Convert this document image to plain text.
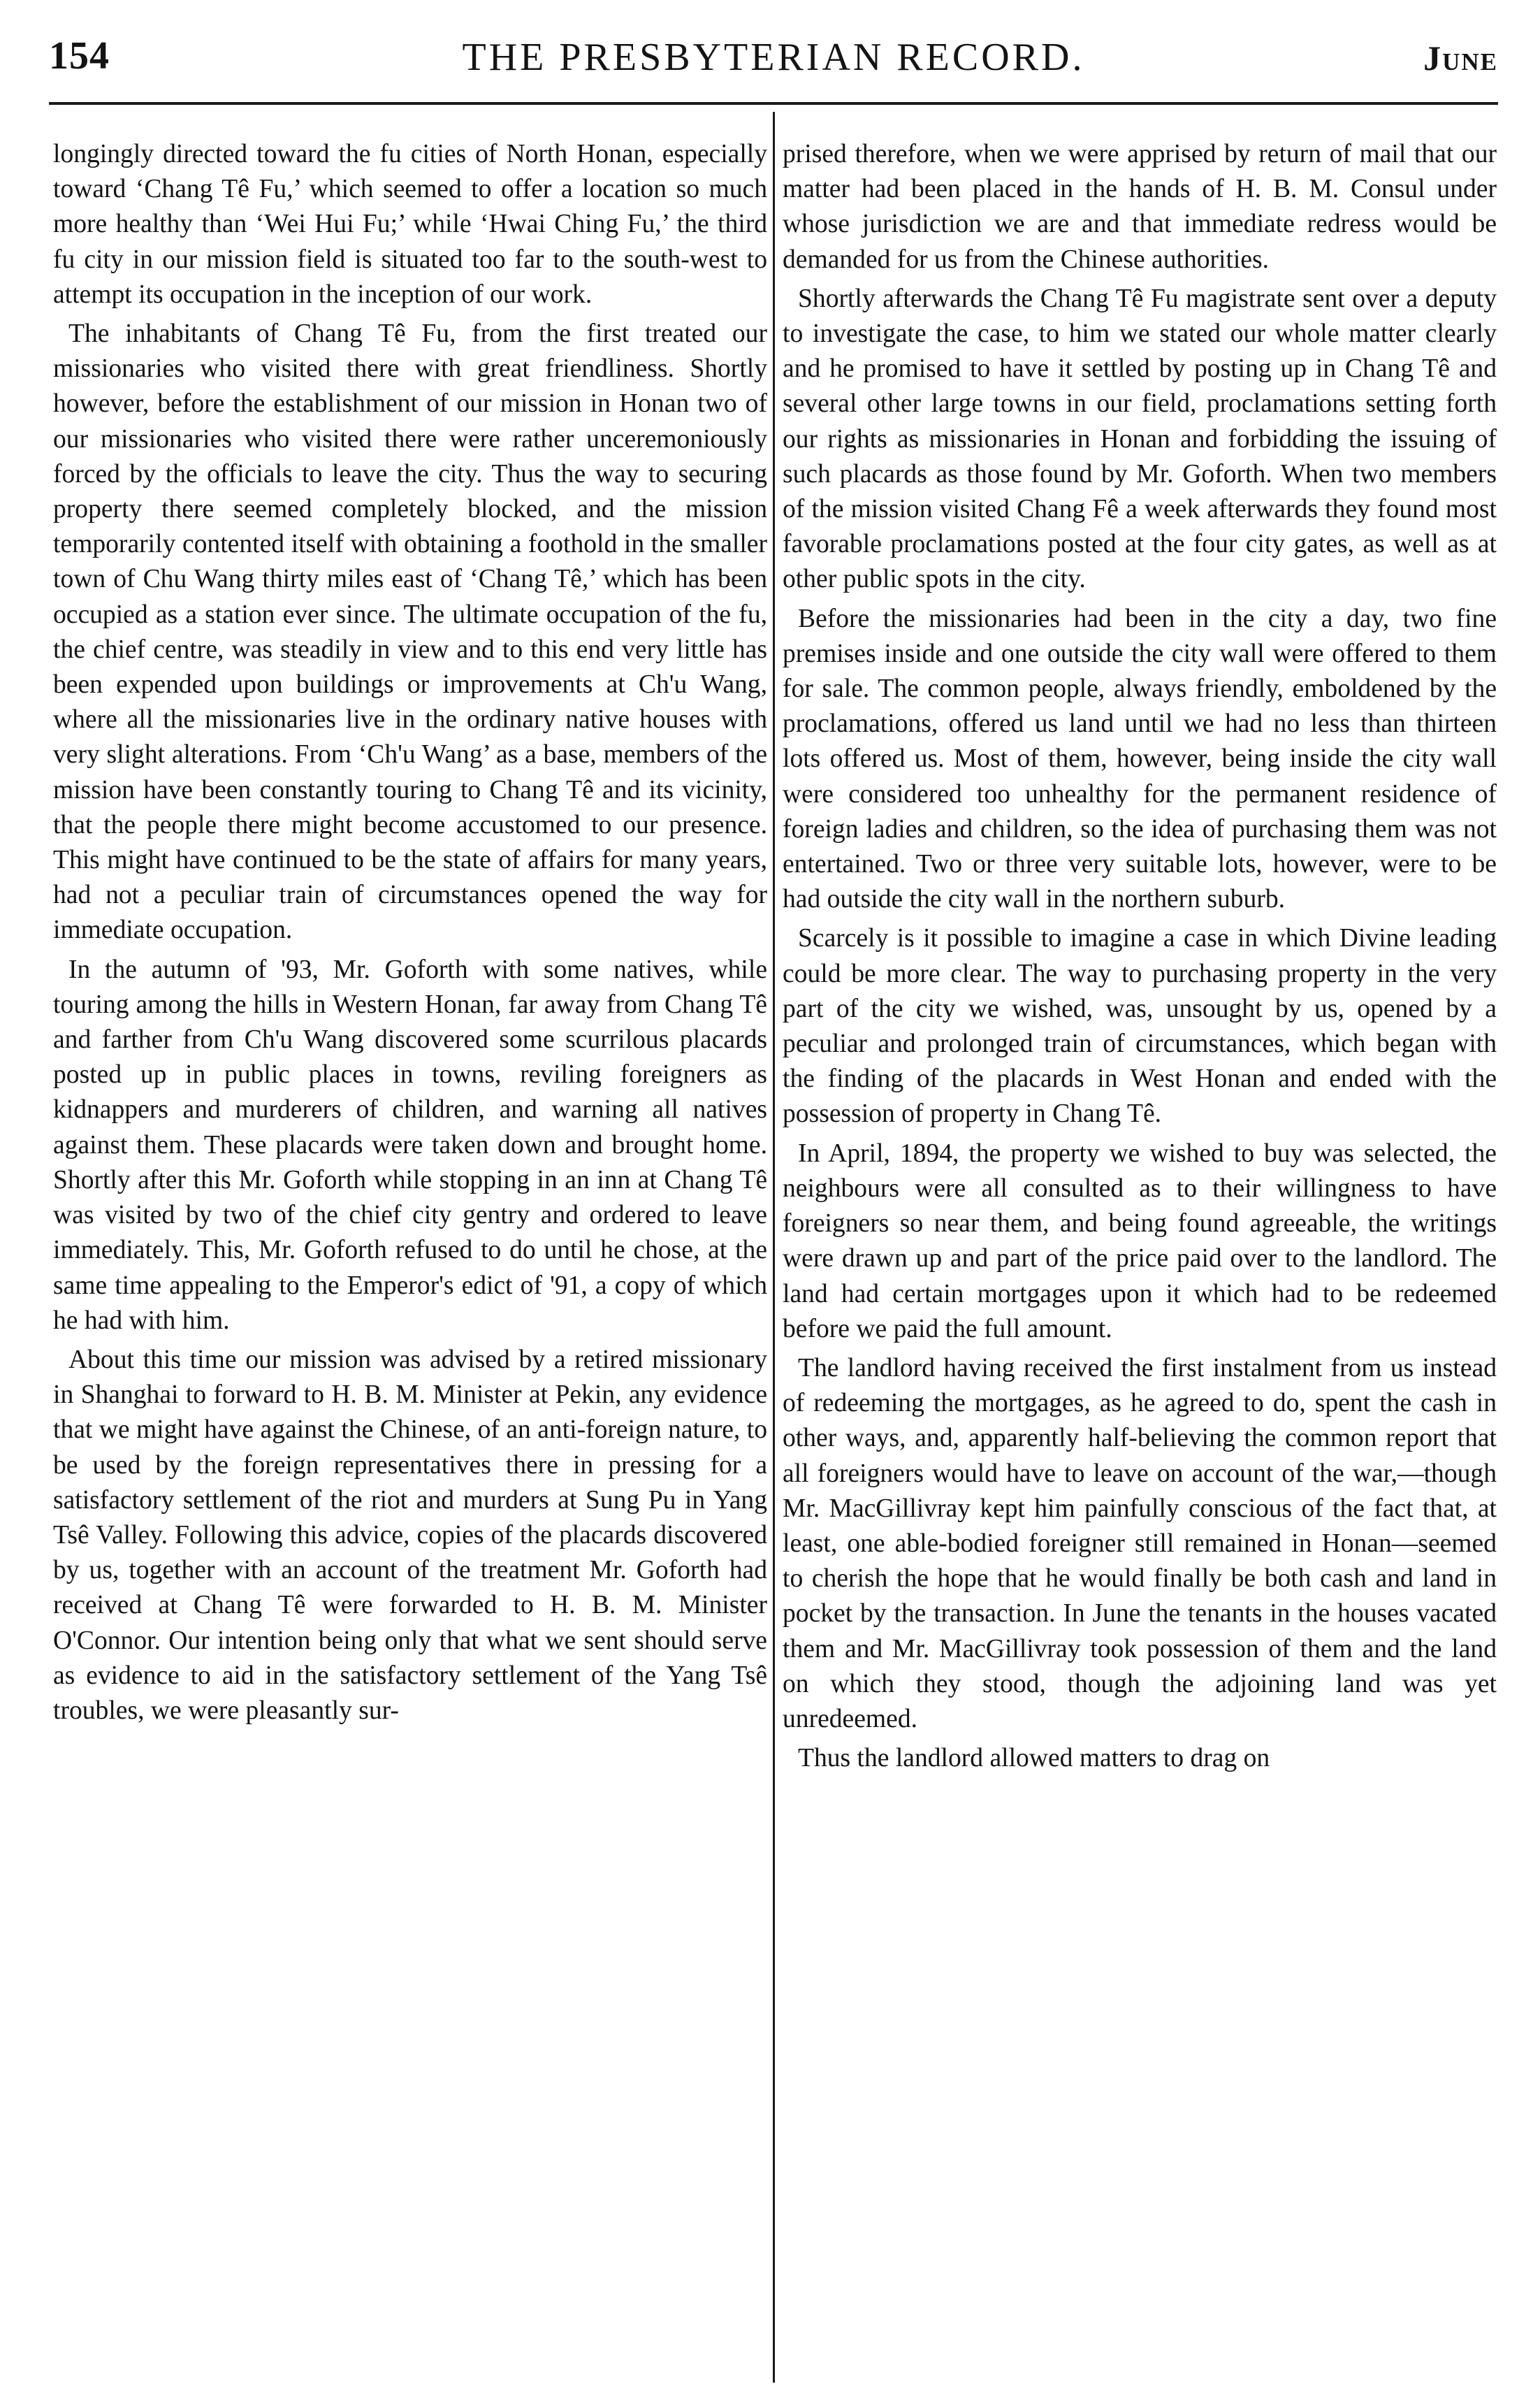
154	THE PRESBYTERIAN RECORD.	June

longingly directed toward the fu cities of North Honan, especially toward ‘Chang Tê Fu,’ which seemed to offer a location so much more healthy than ‘Wei Hui Fu;’ while ‘Hwai Ching Fu,’ the third fu city in our mission field is situated too far to the south-west to attempt its occupation in the inception of our work.

The inhabitants of Chang Tê Fu, from the first treated our missionaries who visited there with great friendliness. Shortly however, before the establishment of our mission in Honan two of our missionaries who visited there were rather unceremoniously forced by the officials to leave the city. Thus the way to securing property there seemed completely blocked, and the mission temporarily contented itself with obtaining a foothold in the smaller town of Chu Wang thirty miles east of ‘Chang Tê,’ which has been occupied as a station ever since. The ultimate occupation of the fu, the chief centre, was steadily in view and to this end very little has been expended upon buildings or improvements at Ch'u Wang, where all the missionaries live in the ordinary native houses with very slight alterations. From ‘Ch'u Wang’ as a base, members of the mission have been constantly touring to Chang Tê and its vicinity, that the people there might become accustomed to our presence. This might have continued to be the state of affairs for many years, had not a peculiar train of circumstances opened the way for immediate occupation.

In the autumn of '93, Mr. Goforth with some natives, while touring among the hills in Western Honan, far away from Chang Tê and farther from Ch'u Wang discovered some scurrilous placards posted up in public places in towns, reviling foreigners as kidnappers and murderers of children, and warning all natives against them. These placards were taken down and brought home. Shortly after this Mr. Goforth while stopping in an inn at Chang Tê was visited by two of the chief city gentry and ordered to leave immediately. This, Mr. Goforth refused to do until he chose, at the same time appealing to the Emperor's edict of '91, a copy of which he had with him.

About this time our mission was advised by a retired missionary in Shanghai to forward to H. B. M. Minister at Pekin, any evidence that we might have against the Chinese, of an anti-foreign nature, to be used by the foreign representatives there in pressing for a satisfactory settlement of the riot and murders at Sung Pu in Yang Tsê Valley. Following this advice, copies of the placards discovered by us, together with an account of the treatment Mr. Goforth had received at Chang Tê were forwarded to H. B. M. Minister O'Connor. Our intention being only that what we sent should serve as evidence to aid in the satisfactory settlement of the Yang Tsê troubles, we were pleasantly sur-

prised therefore, when we were apprised by return of mail that our matter had been placed in the hands of H. B. M. Consul under whose jurisdiction we are and that immediate redress would be demanded for us from the Chinese authorities.

Shortly afterwards the Chang Tê Fu magistrate sent over a deputy to investigate the case, to him we stated our whole matter clearly and he promised to have it settled by posting up in Chang Tê and several other large towns in our field, proclamations setting forth our rights as missionaries in Honan and forbidding the issuing of such placards as those found by Mr. Goforth. When two members of the mission visited Chang Fê a week afterwards they found most favorable proclamations posted at the four city gates, as well as at other public spots in the city.

Before the missionaries had been in the city a day, two fine premises inside and one outside the city wall were offered to them for sale. The common people, always friendly, emboldened by the proclamations, offered us land until we had no less than thirteen lots offered us. Most of them, however, being inside the city wall were considered too unhealthy for the permanent residence of foreign ladies and children, so the idea of purchasing them was not entertained. Two or three very suitable lots, however, were to be had outside the city wall in the northern suburb.

Scarcely is it possible to imagine a case in which Divine leading could be more clear. The way to purchasing property in the very part of the city we wished, was, unsought by us, opened by a peculiar and prolonged train of circumstances, which began with the finding of the placards in West Honan and ended with the possession of property in Chang Tê.

In April, 1894, the property we wished to buy was selected, the neighbours were all consulted as to their willingness to have foreigners so near them, and being found agreeable, the writings were drawn up and part of the price paid over to the landlord. The land had certain mortgages upon it which had to be redeemed before we paid the full amount.

The landlord having received the first instalment from us instead of redeeming the mortgages, as he agreed to do, spent the cash in other ways, and, apparently half-believing the common report that all foreigners would have to leave on account of the war,—though Mr. MacGillivray kept him painfully conscious of the fact that, at least, one able-bodied foreigner still remained in Honan—seemed to cherish the hope that he would finally be both cash and land in pocket by the transaction. In June the tenants in the houses vacated them and Mr. MacGillivray took possession of them and the land on which they stood, though the adjoining land was yet unredeemed.

Thus the landlord allowed matters to drag on
